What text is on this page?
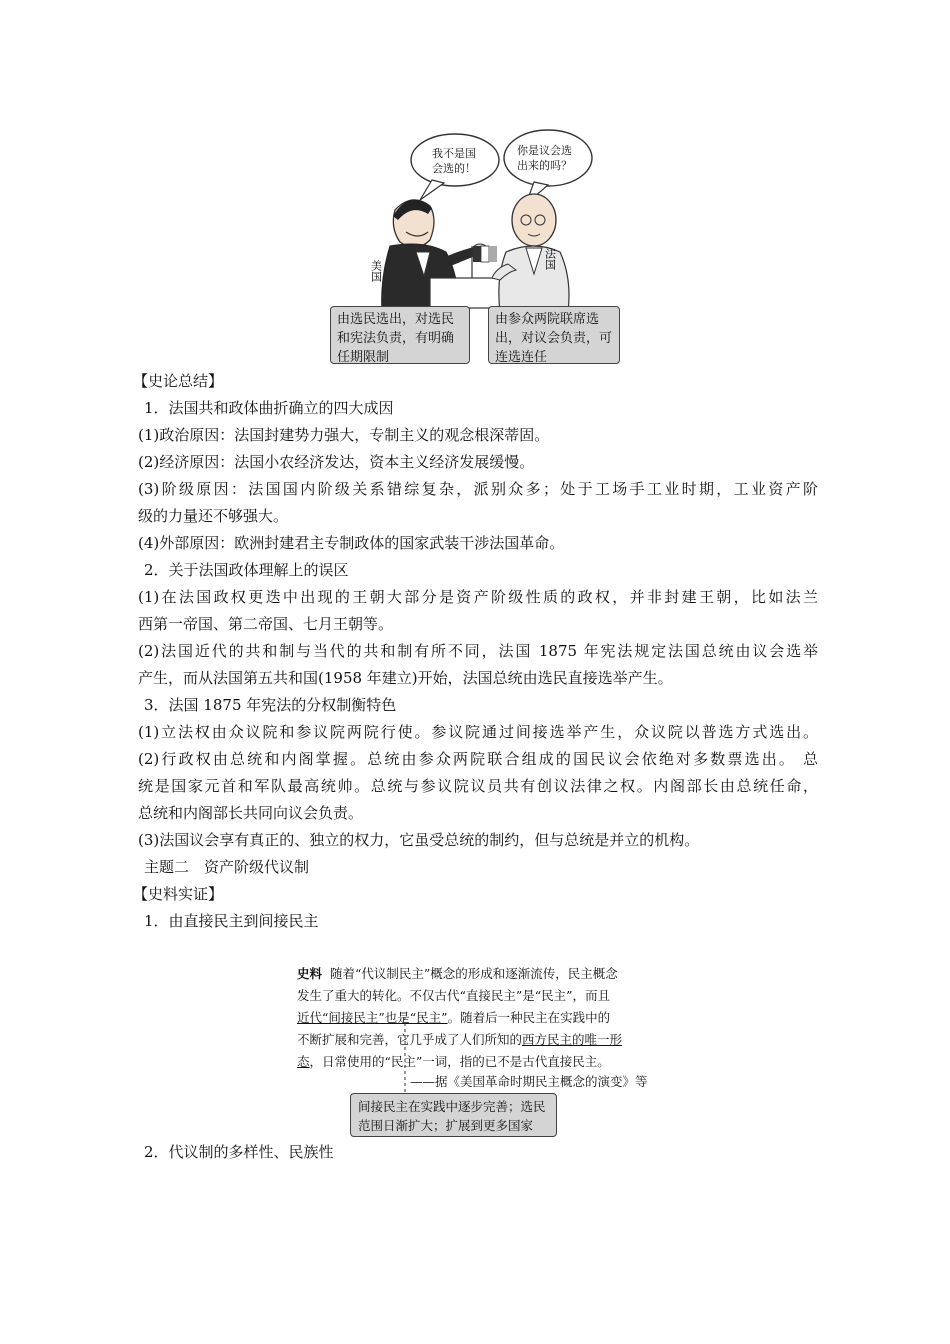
我不是国
会选的！
你是议会选
出来的吗？
美国
法国
由选民选出，对选民和宪法负责，有明确任期限制
由参众两院联席选出，对议会负责，可连选连任
【史论总结】
1．法国共和政体曲折确立的四大成因
(1)政治原因：法国封建势力强大，专制主义的观念根深蒂固。
(2)经济原因：法国小农经济发达，资本主义经济发展缓慢。
(3)阶级原因：法国国内阶级关系错综复杂，派别众多；处于工场手工业时期，工业资产阶
级的力量还不够强大。
(4)外部原因：欧洲封建君主专制政体的国家武装干涉法国革命。
2．关于法国政体理解上的误区
(1)在法国政权更迭中出现的王朝大部分是资产阶级性质的政权，并非封建王朝，比如法兰
西第一帝国、第二帝国、七月王朝等。
(2)法国近代的共和制与当代的共和制有所不同，法国 1875 年宪法规定法国总统由议会选举
产生，而从法国第五共和国(1958 年建立)开始，法国总统由选民直接选举产生。
3．法国 1875 年宪法的分权制衡特色
(1)立法权由众议院和参议院两院行使。参议院通过间接选举产生，众议院以普选方式选出。
(2)行政权由总统和内阁掌握。总统由参众两院联合组成的国民议会依绝对多数票选出。 总
统是国家元首和军队最高统帅。总统与参议院议员共有创议法律之权。内阁部长由总统任命，
总统和内阁部长共同向议会负责。
(3)法国议会享有真正的、独立的权力，它虽受总统的制约，但与总统是并立的机构。
主题二　资产阶级代议制
【史料实证】
1．由直接民主到间接民主
2．代议制的多样性、民族性
史料 随着“代议制民主”概念的形成和逐渐流传，民主概念
发生了重大的转化。不仅古代“直接民主”是“民主”，而且
近代“间接民主”也是“民主”。随着后一种民主在实践中的
不断扩展和完善，它几乎成了人们所知的西方民主的唯一形
态，日常使用的“民主”一词，指的已不是古代直接民主。
——据《美国革命时期民主概念的演变》等
间接民主在实践中逐步完善；选民范围日渐扩大；扩展到更多国家
